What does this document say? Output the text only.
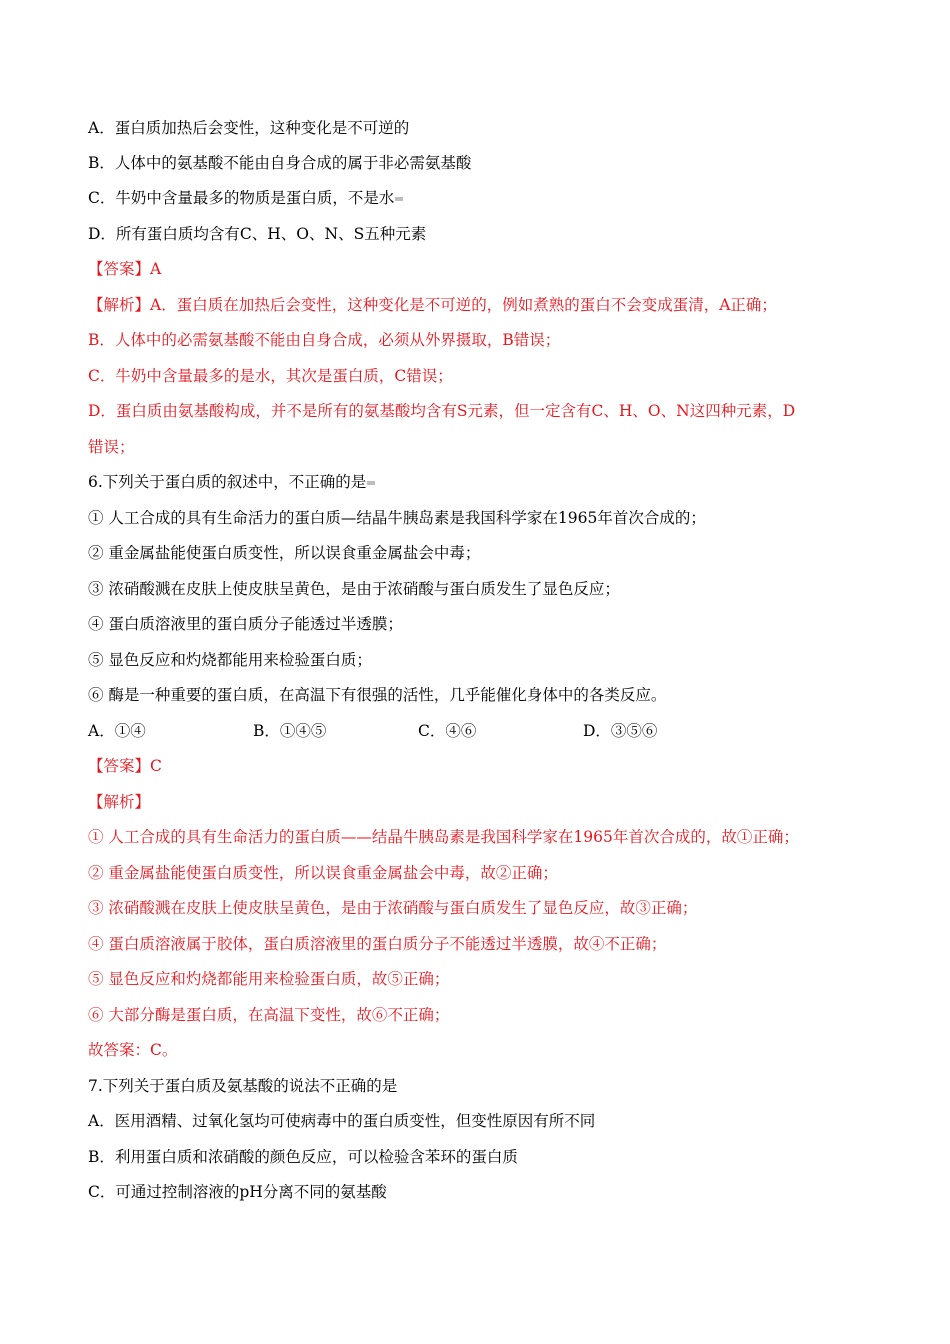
A．蛋白质加热后会变性，这种变化是不可逆的
B．人体中的氨基酸不能由自身合成的属于非必需氨基酸
C．牛奶中含量最多的物质是蛋白质，不是水
D．所有蛋白质均含有C、H、O、N、S五种元素
【答案】A
【解析】A．蛋白质在加热后会变性，这种变化是不可逆的，例如煮熟的蛋白不会变成蛋清，A正确；
B．人体中的必需氨基酸不能由自身合成，必须从外界摄取，B错误；
C．牛奶中含量最多的是水，其次是蛋白质，C错误；
D．蛋白质由氨基酸构成，并不是所有的氨基酸均含有S元素，但一定含有C、H、O、N这四种元素，D
错误；
6.下列关于蛋白质的叙述中，不正确的是
① 人工合成的具有生命活力的蛋白质—结晶牛胰岛素是我国科学家在1965年首次合成的；
② 重金属盐能使蛋白质变性，所以误食重金属盐会中毒；
③ 浓硝酸溅在皮肤上使皮肤呈黄色，是由于浓硝酸与蛋白质发生了显色反应；
④ 蛋白质溶液里的蛋白质分子能透过半透膜；
⑤ 显色反应和灼烧都能用来检验蛋白质；
⑥ 酶是一种重要的蛋白质，在高温下有很强的活性，几乎能催化身体中的各类反应。
A．①④	B．①④⑤	C．④⑥	D．③⑤⑥
【答案】C
【解析】
① 人工合成的具有生命活力的蛋白质——结晶牛胰岛素是我国科学家在1965年首次合成的，故①正确；
② 重金属盐能使蛋白质变性，所以误食重金属盐会中毒，故②正确；
③ 浓硝酸溅在皮肤上使皮肤呈黄色，是由于浓硝酸与蛋白质发生了显色反应，故③正确；
④ 蛋白质溶液属于胶体，蛋白质溶液里的蛋白质分子不能透过半透膜，故④不正确；
⑤ 显色反应和灼烧都能用来检验蛋白质，故⑤正确；
⑥ 大部分酶是蛋白质，在高温下变性，故⑥不正确；
故答案：C。
7.下列关于蛋白质及氨基酸的说法不正确的是
A．医用酒精、过氧化氢均可使病毒中的蛋白质变性，但变性原因有所不同
B．利用蛋白质和浓硝酸的颜色反应，可以检验含苯环的蛋白质
C．可通过控制溶液的pH分离不同的氨基酸
